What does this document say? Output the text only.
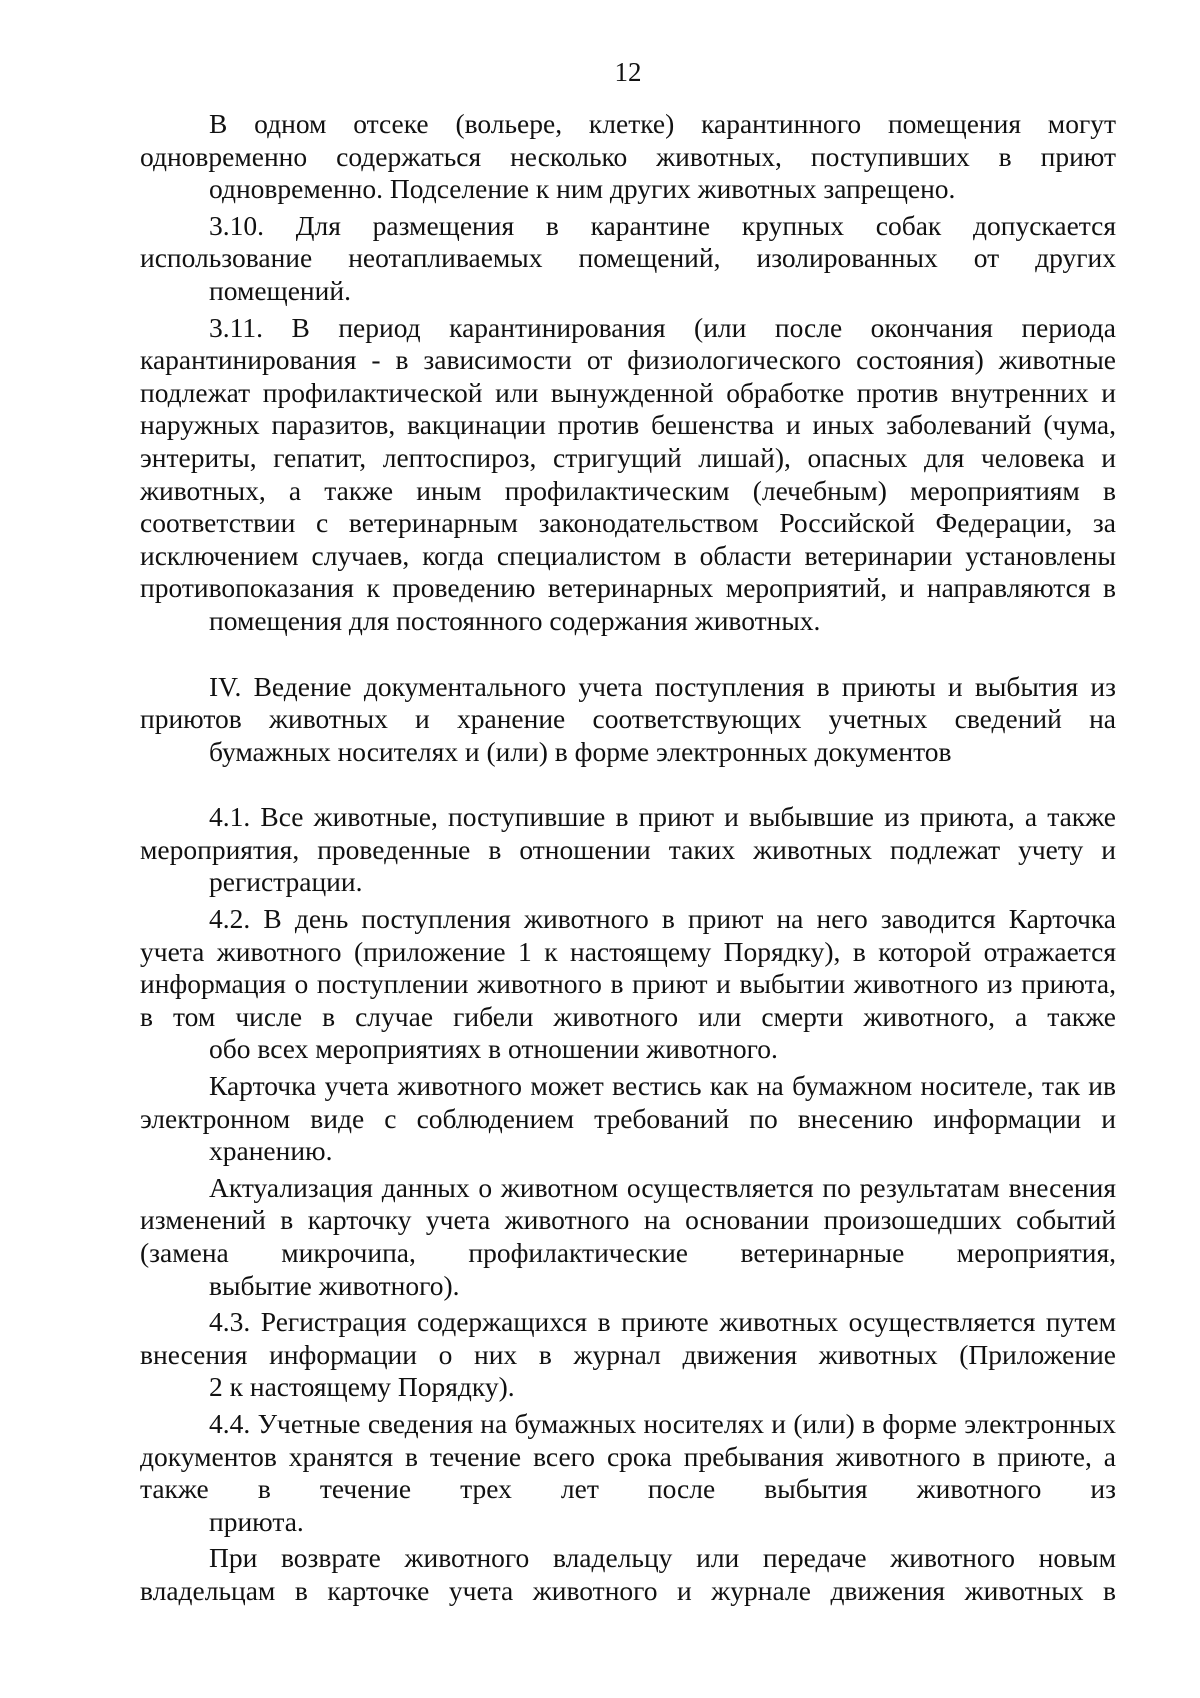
12

В одном отсеке (вольере, клетке) карантинного помещения могут одновременно содержаться несколько животных, поступивших в приют
одновременно. Подселение к ним других животных запрещено.

3.10. Для размещения в карантине крупных собак допускается использование неотапливаемых помещений, изолированных от других
помещений.

3.11. В период карантинирования (или после окончания периода карантинирования - в зависимости от физиологического состояния) животные подлежат профилактической или вынужденной обработке против внутренних и наружных паразитов, вакцинации против бешенства и иных заболеваний (чума, энтериты, гепатит, лептоспироз, стригущий лишай), опасных для человека и животных, а также иным профилактическим (лечебным) мероприятиям в соответствии с ветеринарным законодательством Российской Федерации, за исключением случаев, когда специалистом в области ветеринарии установлены противопоказания к проведению ветеринарных мероприятий, и направляются в
помещения для постоянного содержания животных.

IV. Ведение документального учета поступления в приюты и выбытия из приютов животных и хранение соответствующих учетных сведений на
бумажных носителях и (или) в форме электронных документов

4.1. Все животные, поступившие в приют и выбывшие из приюта, а также мероприятия, проведенные в отношении таких животных подлежат учету и
регистрации.

4.2. В день поступления животного в приют на него заводится Карточка учета животного (приложение 1 к настоящему Порядку), в которой отражается информация о поступлении животного в приют и выбытии животного из приюта, в том числе в случае гибели животного или смерти животного, а также
обо всех мероприятиях в отношении животного.

Карточка учета животного может вестись как на бумажном носителе, так ив электронном виде с соблюдением требований по внесению информации и
хранению.

Актуализация данных о животном осуществляется по результатам внесения изменений в карточку учета животного на основании произошедших событий (замена микрочипа, профилактические ветеринарные мероприятия,
выбытие животного).

4.3. Регистрация содержащихся в приюте животных осуществляется путем внесения информации о них в журнал движения животных (Приложение
2 к настоящему Порядку).

4.4. Учетные сведения на бумажных носителях и (или) в форме электронных документов хранятся в течение всего срока пребывания животного в приюте, а также в течение трех лет после выбытия животного из
приюта.

При возврате животного владельцу или передаче животного новым владельцам в карточке учета животного и журнале движения животных в
